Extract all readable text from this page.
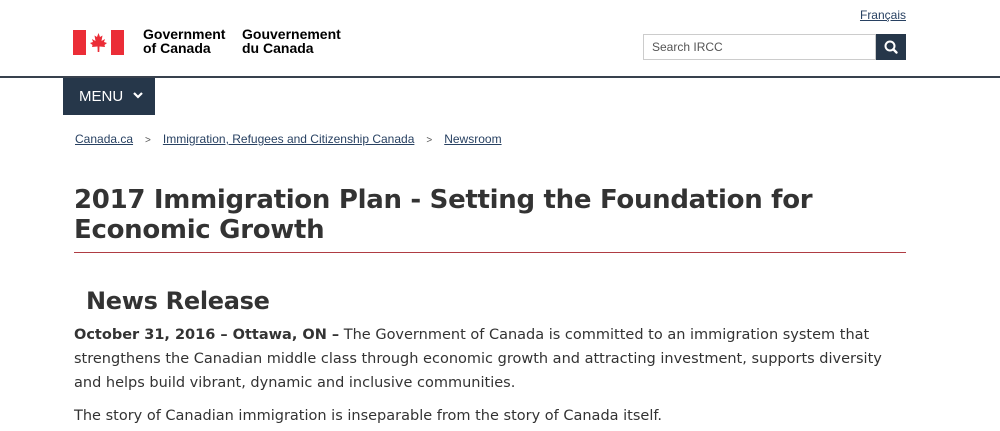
Government
of Canada
Gouvernement
du Canada
Français
Search IRCC
MENU
Canada.ca > Immigration, Refugees and Citizenship Canada > Newsroom
2017 Immigration Plan - Setting the Foundation for Economic Growth
News Release

October 31, 2016 – Ottawa, ON – The Government of Canada is committed to an immigration system that strengthens the Canadian middle class through economic growth and attracting investment, supports diversity and helps build vibrant, dynamic and inclusive communities.

The story of Canadian immigration is inseparable from the story of Canada itself.
